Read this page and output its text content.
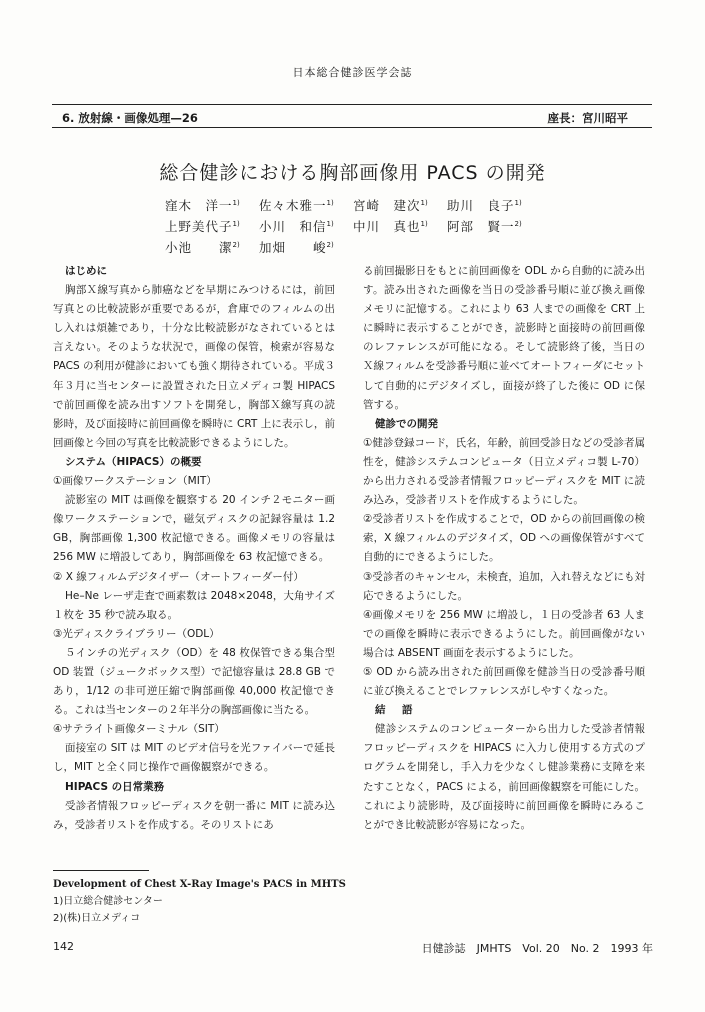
日本総合健診医学会誌
6. 放射線・画像処理—26	座長：宮川昭平
総合健診における胸部画像用 PACS の開発
窪木　洋一$^{1)}$ 佐々木雅一$^{1)}$ 宮崎　建次$^{1)}$ 助川　良子$^{1)}$
上野美代子$^{1)}$ 小川　和信$^{1)}$ 中川　真也$^{1)}$ 阿部　賢一$^{2)}$
小池　　潔$^{2)}$ 加畑　　峻$^{2)}$
はじめに

胸部Ｘ線写真から肺癌などを早期にみつけるには，前回写真との比較読影が重要であるが，倉庫でのフィルムの出し入れは煩雑であり，十分な比較読影がなされているとは言えない。そのような状況で，画像の保管，検索が容易な PACS の利用が健診においても強く期待されている。平成３年３月に当センターに設置された日立メディコ製 HIPACS で前回画像を読み出すソフトを開発し，胸部Ｘ線写真の読影時，及び面接時に前回画像を瞬時に CRT 上に表示し，前回画像と今回の写真を比較読影できるようにした。

システム（HIPACS）の概要

①画像ワークステーション（MIT）

読影室の MIT は画像を観察する 20 インチ２モニター画像ワークステーションで，磁気ディスクの記録容量は 1.2 GB，胸部画像 1,300 枚記憶できる。画像メモリの容量は 256 MW に増設してあり，胸部画像を 63 枚記憶できる。

② X 線フィルムデジタイザー（オートフィーダー付）

He–Ne レーザ走査で画素数は 2048×2048，大角サイズ１枚を 35 秒で読み取る。

③光ディスクライブラリー（ODL）

５インチの光ディスク（OD）を 48 枚保管できる集合型 OD 装置（ジュークボックス型）で記憶容量は 28.8 GB であり，1/12 の非可逆圧縮で胸部画像 40,000 枚記憶できる。これは当センターの２年半分の胸部画像に当たる。

④サテライト画像ターミナル（SIT）

面接室の SIT は MIT のビデオ信号を光ファイバーで延長し，MIT と全く同じ操作で画像観察ができる。

HIPACS の日常業務

受診者情報フロッピーディスクを朝一番に MIT に読み込み，受診者リストを作成する。そのリストにあ

る前回撮影日をもとに前回画像を ODL から自動的に読み出す。読み出された画像を当日の受診番号順に並び換え画像メモリに記憶する。これにより 63 人までの画像を CRT 上に瞬時に表示することができ，読影時と面接時の前回画像のレファレンスが可能になる。そして読影終了後，当日のＸ線フィルムを受診番号順に並べてオートフィーダにセットして自動的にデジタイズし，面接が終了した後に OD に保管する。

健診での開発

①健診登録コード，氏名，年齢，前回受診日などの受診者属性を，健診システムコンピュータ（日立メディコ製 L-70）から出力される受診者情報フロッピーディスクを MIT に読み込み，受診者リストを作成するようにした。

②受診者リストを作成することで，OD からの前回画像の検索，X 線フィルムのデジタイズ，OD への画像保管がすべて自動的にできるようにした。

③受診者のキャンセル，未検査，追加，入れ替えなどにも対応できるようにした。

④画像メモリを 256 MW に増設し，１日の受診者 63 人までの画像を瞬時に表示できるようにした。前回画像がない場合は ABSENT 画面を表示するようにした。

⑤ OD から読み出された前回画像を健診当日の受診番号順に並び換えることでレファレンスがしやすくなった。

結　語

健診システムのコンピューターから出力した受診者情報フロッピーディスクを HIPACS に入力し使用する方式のプログラムを開発し，手入力を少なくし健診業務に支障を来たすことなく，PACS による，前回画像観察を可能にした。これにより読影時，及び面接時に前回画像を瞬時にみることができ比較読影が容易になった。

Development of Chest X-Ray Image's PACS in MHTS
1)日立総合健診センター
2)(株)日立メディコ
142	日健診誌　JMHTS　Vol. 20　No. 2　1993 年
